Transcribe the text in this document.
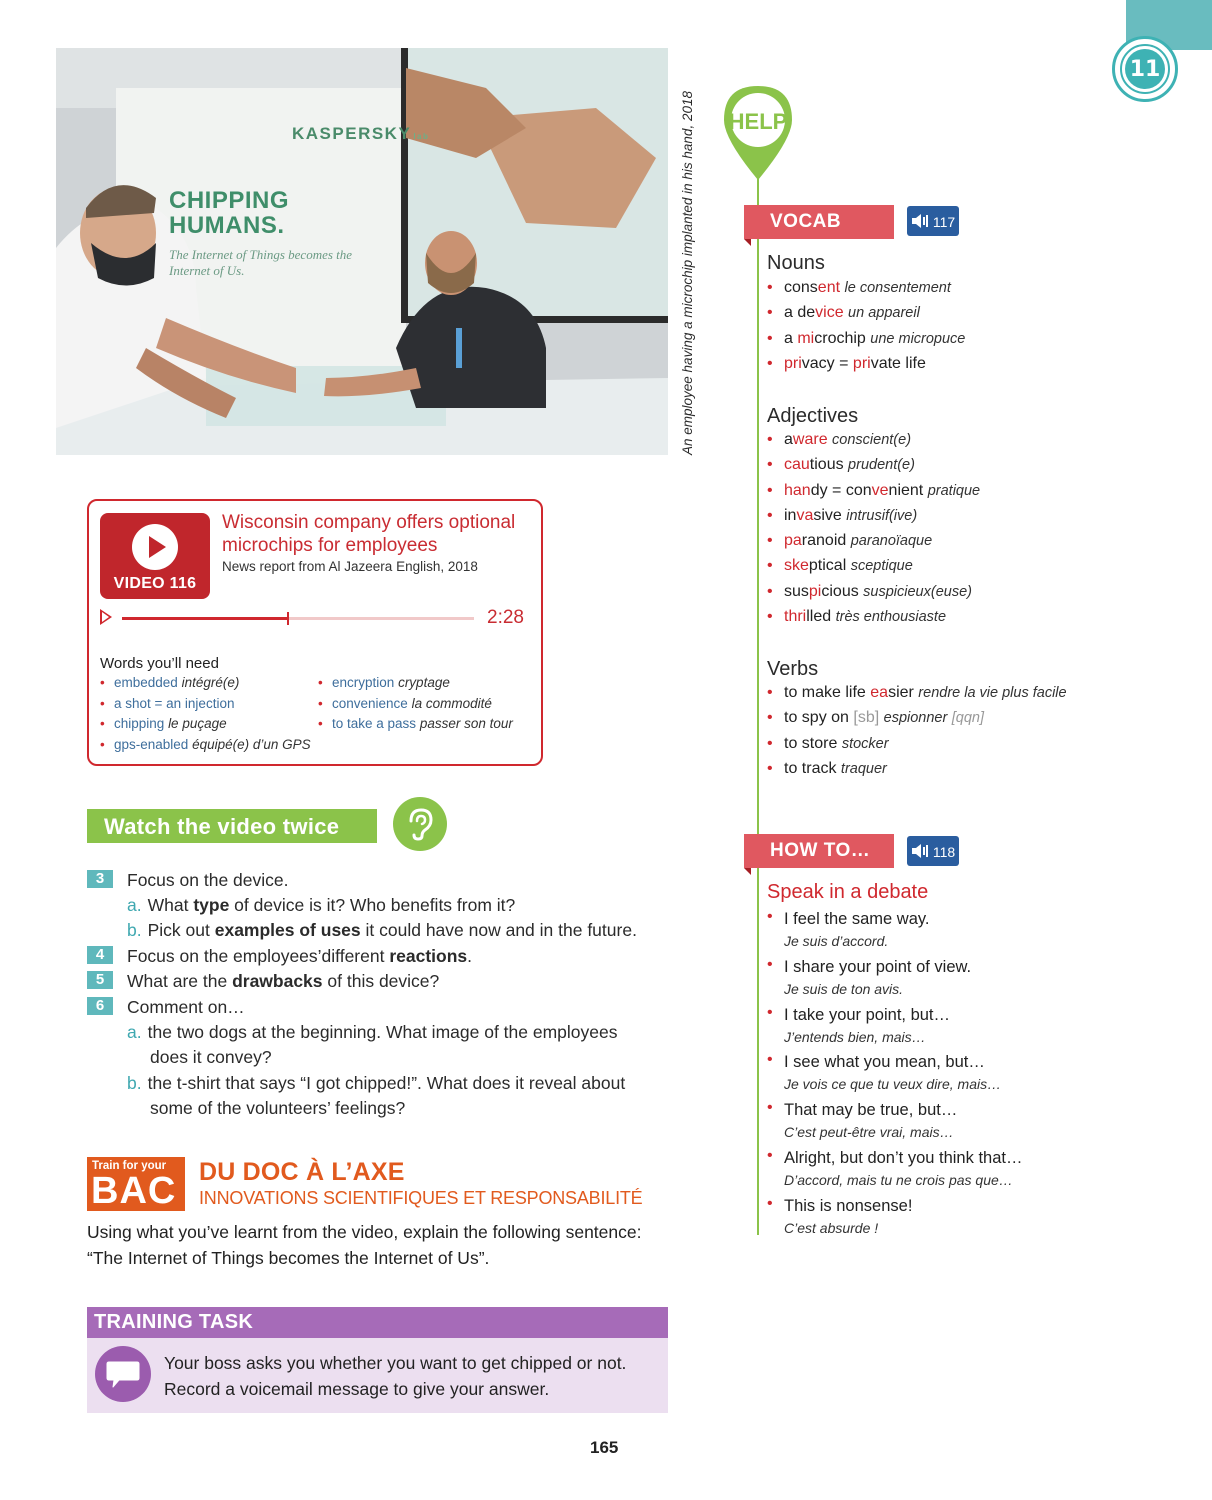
11
KASPERSKY lab
CHIPPING
HUMANS.
The Internet of Things becomes the Internet of Us.	An employee having a microchip implanted in his hand, 2018
VIDEO 116
Wisconsin company offers optional microchips for employees
News report from Al Jazeera English, 2018
2:28
Words you’ll need
• embedded intégré(e)
• a shot = an injection
• chipping le puçage
• gps-enabled équipé(e) d’un GPS
• encryption cryptage
• convenience la commodité
• to take a pass passer son tour
Watch the video twice
3	Focus on the device.
a. What type of device is it? Who benefits from it?
b. Pick out examples of uses it could have now and in the future.
4	Focus on the employees’different reactions.
5	What are the drawbacks of this device?
6	Comment on…
a. the two dogs at the beginning. What image of the employees
does it convey?
b. the t-shirt that says “I got chipped!”. What does it reveal about
some of the volunteers’ feelings?
Train for your
BAC DU DOC À L’AXE
INNOVATIONS SCIENTIFIQUES ET RESPONSABILITÉ
Using what you’ve learnt from the video, explain the following sentence: “The Internet of Things becomes the Internet of Us”.
TRAINING TASK
Your boss asks you whether you want to get chipped or not. Record a voicemail message to give your answer.
165
HELP
VOCAB	117
Nouns
• consent le consentement
• a device un appareil
• a microchip une micropuce
• privacy = private life
Adjectives
• aware conscient(e)
• cautious prudent(e)
• handy = convenient pratique
• invasive intrusif(ive)
• paranoid paranoïaque
• skeptical sceptique
• suspicious suspicieux(euse)
• thrilled très enthousiaste
Verbs
• to make life easier rendre la vie plus facile
• to spy on [sb] espionner [qqn]
• to store stocker
• to track traquer
HOW TO…	118
Speak in a debate
• I feel the same way.
Je suis d’accord.
• I share your point of view.
Je suis de ton avis.
• I take your point, but…
J’entends bien, mais…
• I see what you mean, but…
Je vois ce que tu veux dire, mais…
• That may be true, but…
C’est peut-être vrai, mais…
• Alright, but don’t you think that…
D’accord, mais tu ne crois pas que…
• This is nonsense!
C’est absurde !
